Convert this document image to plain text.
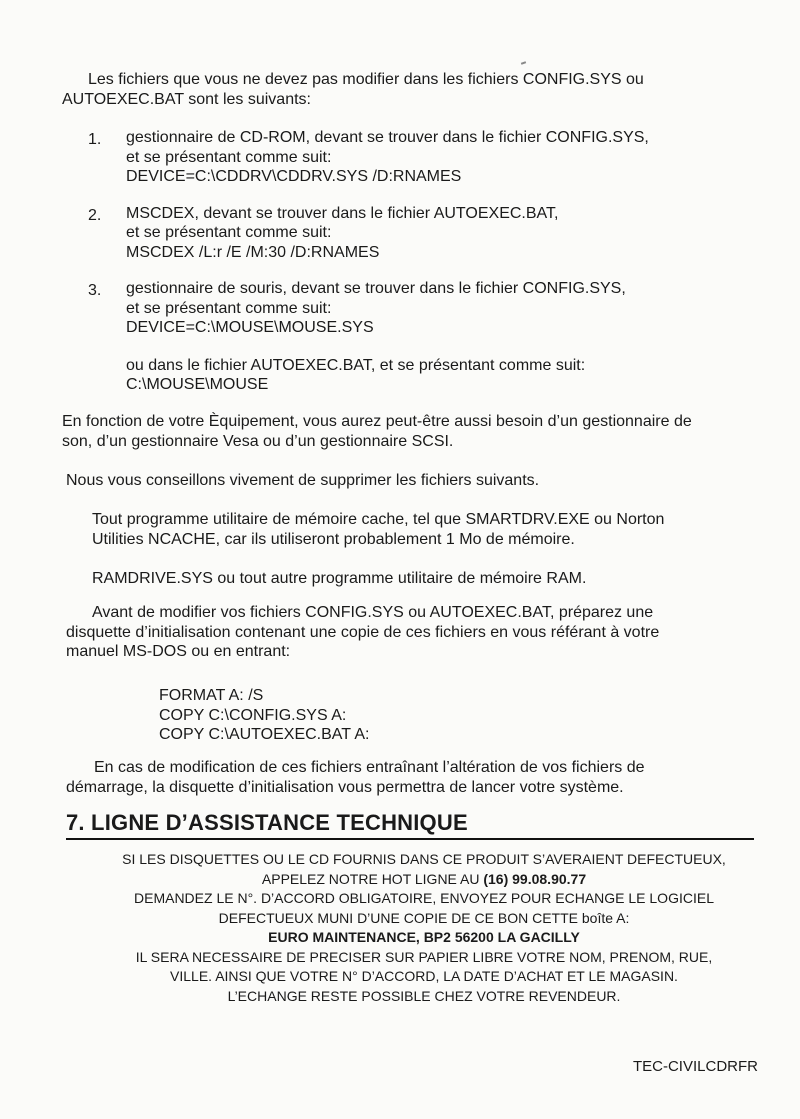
Les fichiers que vous ne devez pas modifier dans les fichiers CONFIG.SYS ou
AUTOEXEC.BAT sont les suivants:
1.	gestionnaire de CD-ROM, devant se trouver dans le fichier CONFIG.SYS,
et se présentant comme suit:
DEVICE=C:\CDDRV\CDDRV.SYS /D:RNAMES
2.	MSCDEX, devant se trouver dans le fichier AUTOEXEC.BAT,
et se présentant comme suit:
MSCDEX /L:r /E /M:30 /D:RNAMES
3.	gestionnaire de souris, devant se trouver dans le fichier CONFIG.SYS,
et se présentant comme suit:
DEVICE=C:\MOUSE\MOUSE.SYS
ou dans le fichier AUTOEXEC.BAT, et se présentant comme suit:
C:\MOUSE\MOUSE
En fonction de votre Èquipement, vous aurez peut-être aussi besoin d’un gestionnaire de
son, d’un gestionnaire Vesa ou d’un gestionnaire SCSI.
Nous vous conseillons vivement de supprimer les fichiers suivants.
Tout programme utilitaire de mémoire cache, tel que SMARTDRV.EXE ou Norton
Utilities NCACHE, car ils utiliseront probablement 1 Mo de mémoire.
RAMDRIVE.SYS ou tout autre programme utilitaire de mémoire RAM.
Avant de modifier vos fichiers CONFIG.SYS ou AUTOEXEC.BAT, préparez une
disquette d’initialisation contenant une copie de ces fichiers en vous référant à votre
manuel MS-DOS ou en entrant:
FORMAT A: /S
COPY C:\CONFIG.SYS A:
COPY C:\AUTOEXEC.BAT A:
En cas de modification de ces fichiers entraînant l’altération de vos fichiers de
démarrage, la disquette d’initialisation vous permettra de lancer votre système.
7. LIGNE D’ASSISTANCE TECHNIQUE
SI LES DISQUETTES OU LE CD FOURNIS DANS CE PRODUIT S’AVERAIENT DEFECTUEUX,
APPELEZ NOTRE HOT LIGNE AU (16) 99.08.90.77
DEMANDEZ LE N°. D’ACCORD OBLIGATOIRE, ENVOYEZ POUR ECHANGE LE LOGICIEL
DEFECTUEUX MUNI D’UNE COPIE DE CE BON CETTE boîte A:
EURO MAINTENANCE, BP2 56200 LA GACILLY
IL SERA NECESSAIRE DE PRECISER SUR PAPIER LIBRE VOTRE NOM, PRENOM, RUE,
VILLE. AINSI QUE VOTRE N° D’ACCORD, LA DATE D’ACHAT ET LE MAGASIN.
L’ECHANGE RESTE POSSIBLE CHEZ VOTRE REVENDEUR.
TEC-CIVILCDRFR
